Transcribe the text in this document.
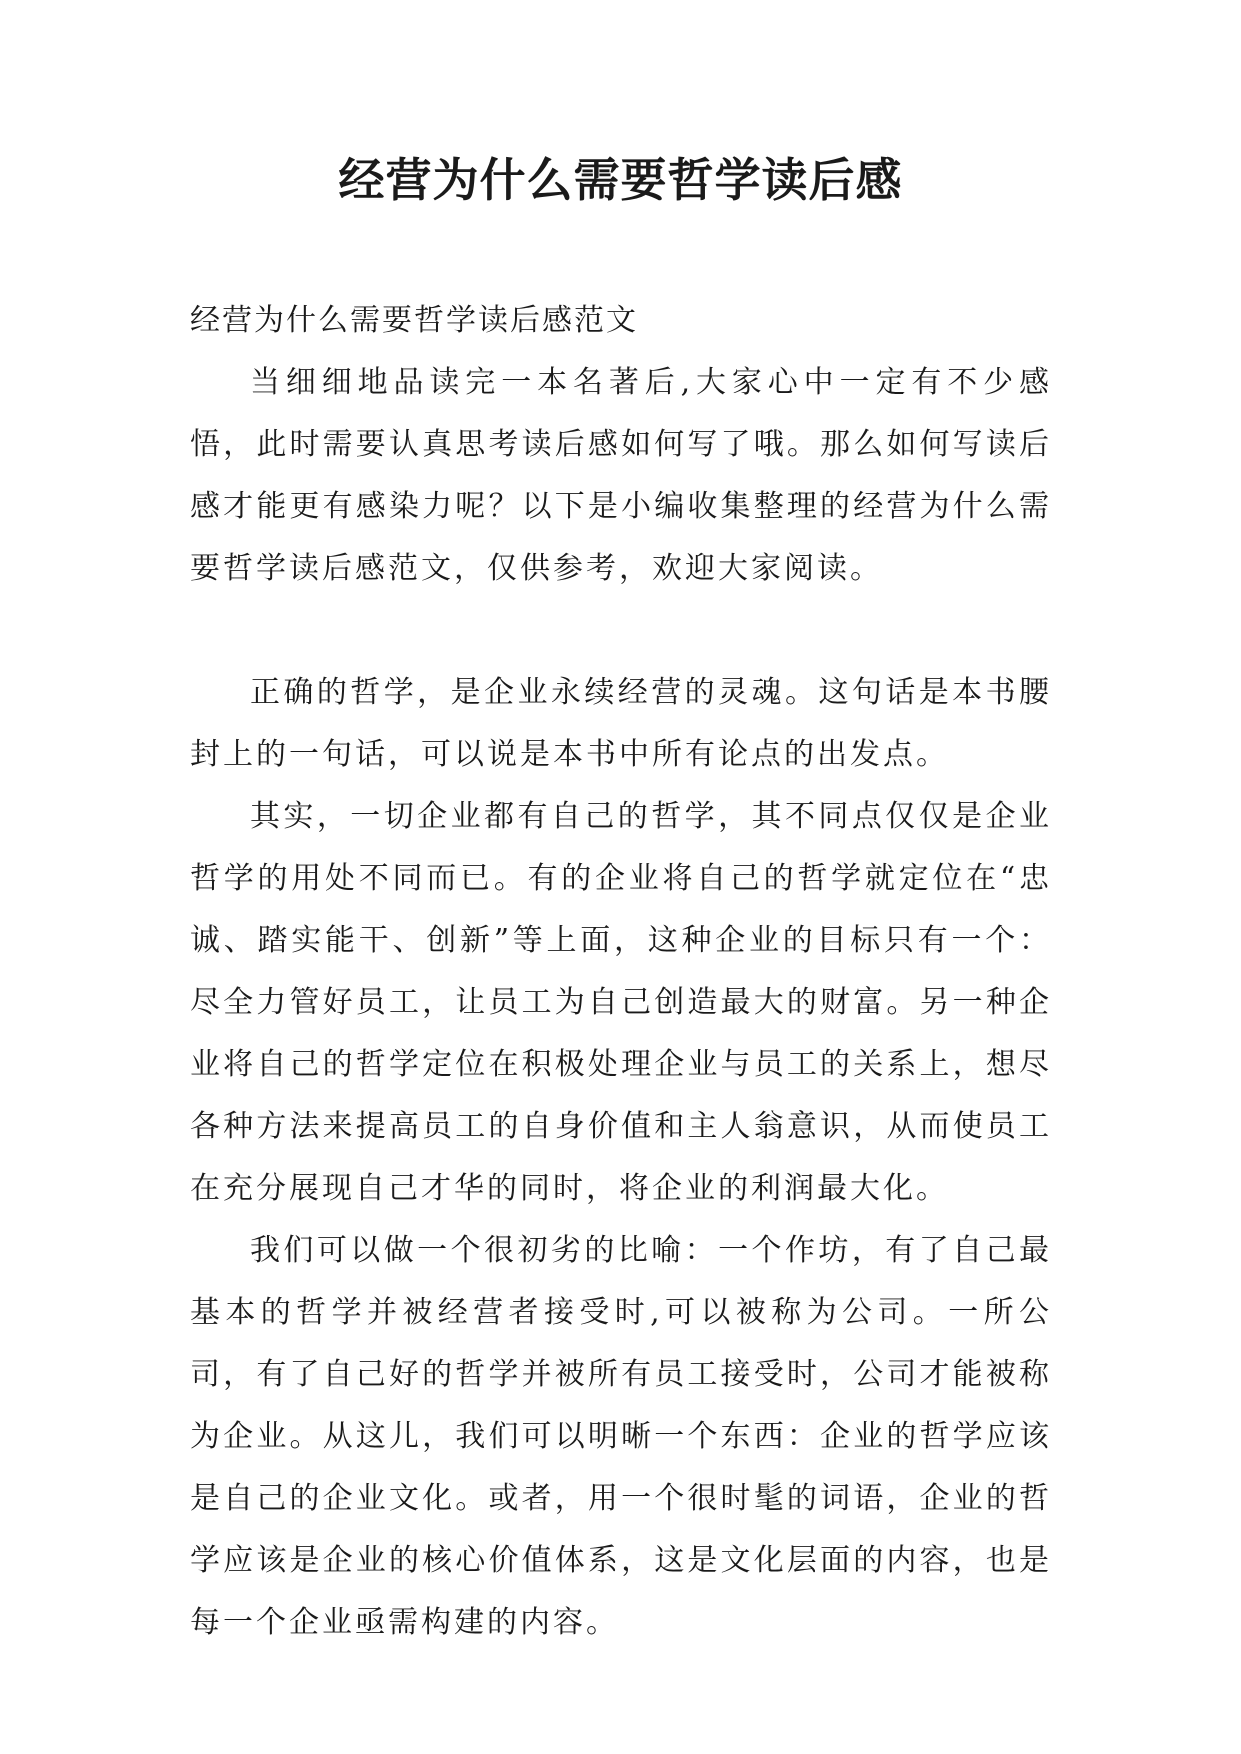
经营为什么需要哲学读后感

经营为什么需要哲学读后感范文

当细细地品读完一本名著后,大家心中一定有不少感悟，此时需要认真思考读后感如何写了哦。那么如何写读后感才能更有感染力呢？以下是小编收集整理的经营为什么需要哲学读后感范文，仅供参考，欢迎大家阅读。

正确的哲学，是企业永续经营的灵魂。这句话是本书腰封上的一句话，可以说是本书中所有论点的出发点。

其实，一切企业都有自己的哲学，其不同点仅仅是企业哲学的用处不同而已。有的企业将自己的哲学就定位在“忠诚、踏实能干、创新”等上面，这种企业的目标只有一个：尽全力管好员工，让员工为自己创造最大的财富。另一种企业将自己的哲学定位在积极处理企业与员工的关系上，想尽各种方法来提高员工的自身价值和主人翁意识，从而使员工在充分展现自己才华的同时，将企业的利润最大化。

我们可以做一个很初劣的比喻：一个作坊，有了自己最基本的哲学并被经营者接受时,可以被称为公司。一所公司，有了自己好的哲学并被所有员工接受时，公司才能被称为企业。从这儿，我们可以明晰一个东西：企业的哲学应该是自己的企业文化。或者，用一个很时髦的词语，企业的哲学应该是企业的核心价值体系，这是文化层面的内容，也是每一个企业亟需构建的内容。
